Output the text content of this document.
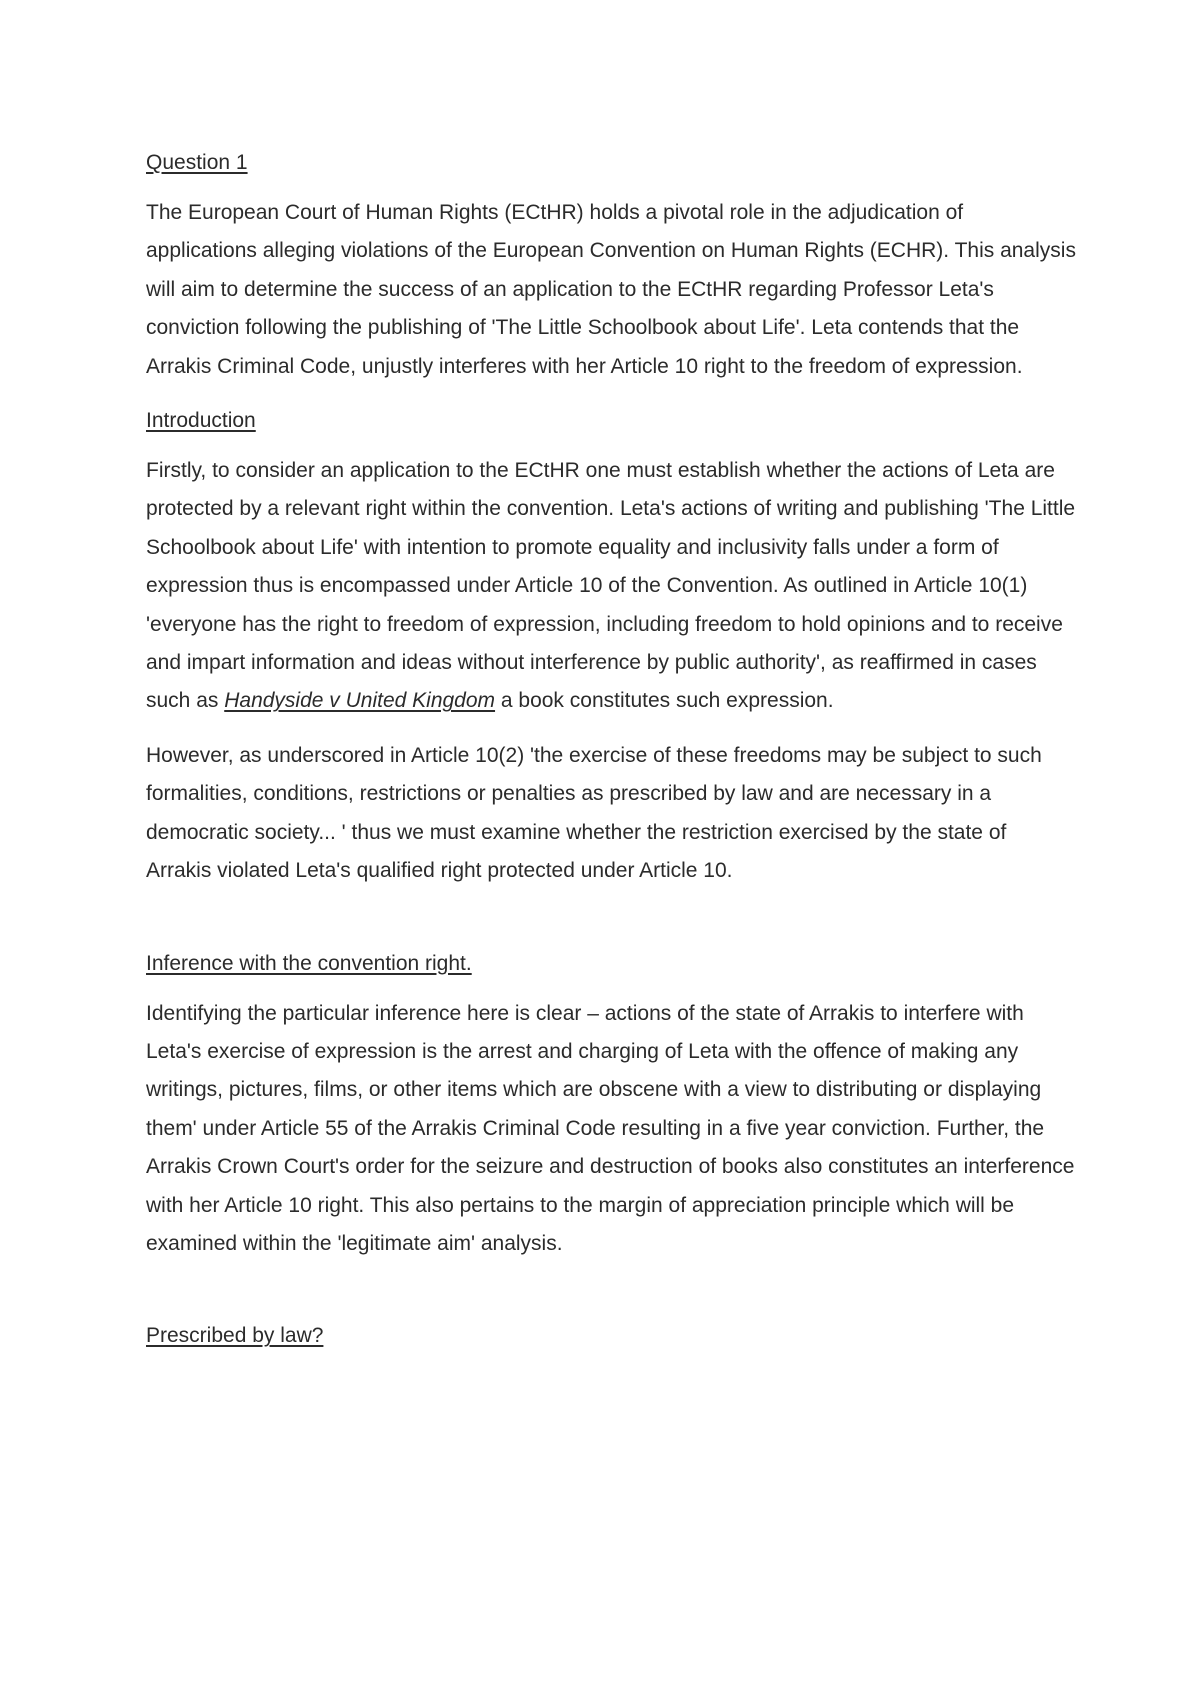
Question 1

The European Court of Human Rights (ECtHR) holds a pivotal role in the adjudication of applications alleging violations of the European Convention on Human Rights (ECHR). This analysis will aim to determine the success of an application to the ECtHR regarding Professor Leta's conviction following the publishing of 'The Little Schoolbook about Life'. Leta contends that the Arrakis Criminal Code, unjustly interferes with her Article 10 right to the freedom of expression.

Introduction

Firstly, to consider an application to the ECtHR one must establish whether the actions of Leta are protected by a relevant right within the convention. Leta's actions of writing and publishing 'The Little Schoolbook about Life' with intention to promote equality and inclusivity falls under a form of expression thus is encompassed under Article 10 of the Convention. As outlined in Article 10(1) 'everyone has the right to freedom of expression, including freedom to hold opinions and to receive and impart information and ideas without interference by public authority', as reaffirmed in cases such as Handyside v United Kingdom a book constitutes such expression.

However, as underscored in Article 10(2) 'the exercise of these freedoms may be subject to such formalities, conditions, restrictions or penalties as prescribed by law and are necessary in a democratic society... ' thus we must examine whether the restriction exercised by the state of Arrakis violated Leta's qualified right protected under Article 10.

Inference with the convention right.

Identifying the particular inference here is clear – actions of the state of Arrakis to interfere with Leta's exercise of expression is the arrest and charging of Leta with the offence of making any writings, pictures, films, or other items which are obscene with a view to distributing or displaying them' under Article 55 of the Arrakis Criminal Code resulting in a five year conviction. Further, the Arrakis Crown Court's order for the seizure and destruction of books also constitutes an interference with her Article 10 right. This also pertains to the margin of appreciation principle which will be examined within the 'legitimate aim' analysis.

Prescribed by law?
